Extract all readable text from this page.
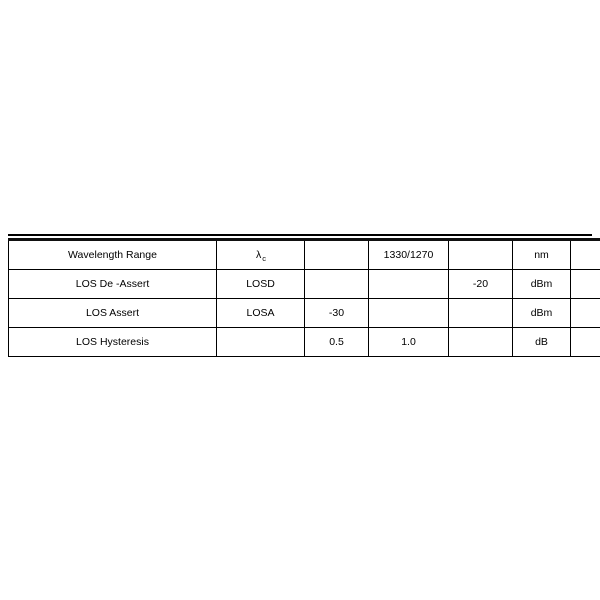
Wavelength Range	$\lambda_c$		1330/1270		nm	
LOS De -Assert	LOSD			-20	dBm	
LOS Assert	LOSA	-30			dBm	
LOS Hysteresis		0.5	1.0		dB	
